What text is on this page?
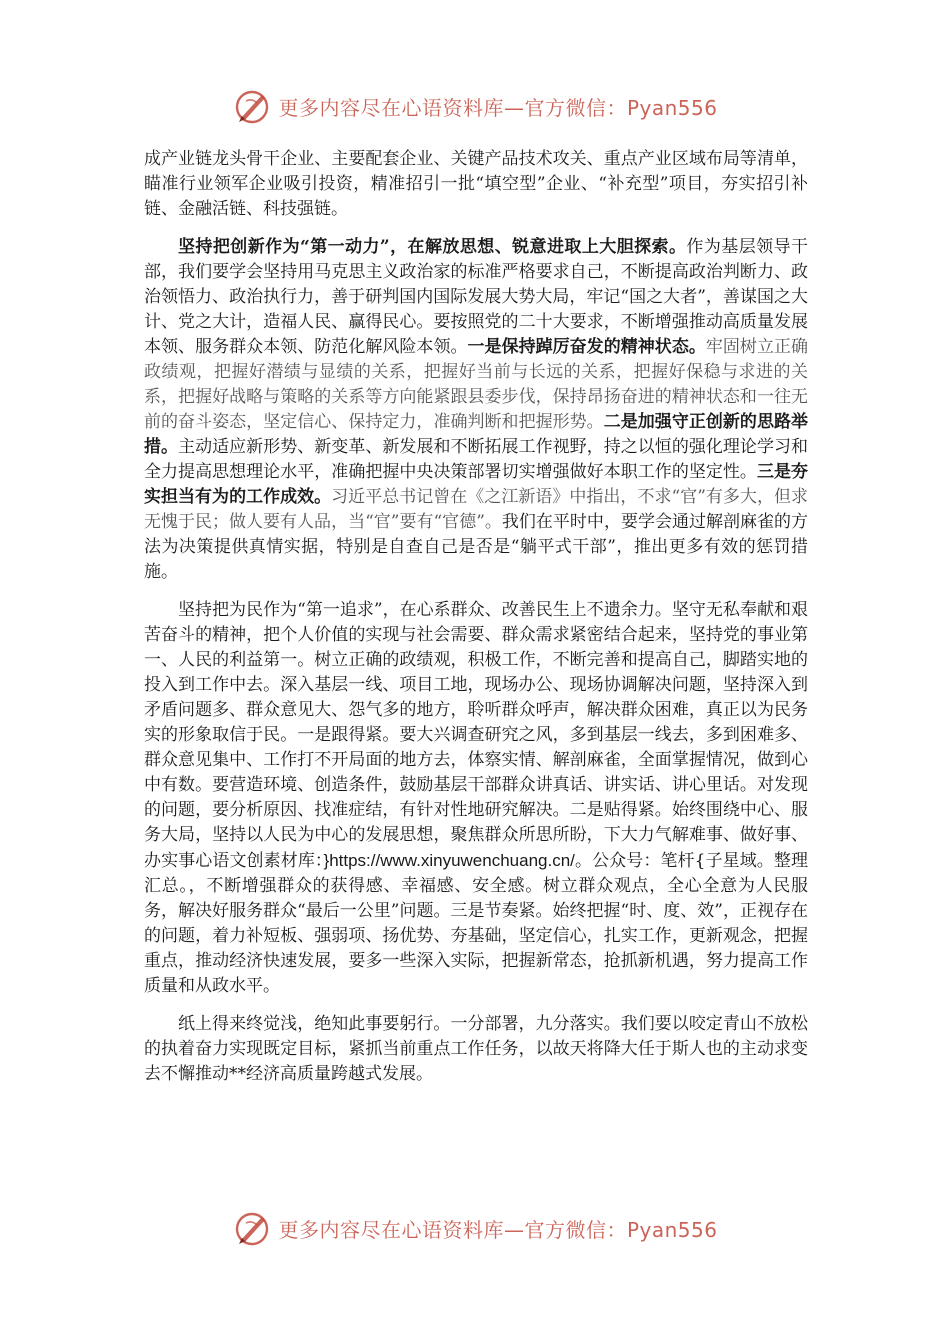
更多内容尽在心语资料库—官方微信：Pyan556

成产业链龙头骨干企业、主要配套企业、关键产品技术攻关、重点产业区域布局等清单，瞄准行业领军企业吸引投资，精准招引一批“填空型”企业、“补充型”项目，夯实招引补链、金融活链、科技强链。

坚持把创新作为“第一动力”，在解放思想、锐意进取上大胆探索。作为基层领导干部，我们要学会坚持用马克思主义政治家的标准严格要求自己，不断提高政治判断力、政治领悟力、政治执行力，善于研判国内国际发展大势大局，牢记“国之大者”，善谋国之大计、党之大计，造福人民、赢得民心。要按照党的二十大要求，不断增强推动高质量发展本领、服务群众本领、防范化解风险本领。一是保持踔厉奋发的精神状态。牢固树立正确政绩观，把握好潜绩与显绩的关系，把握好当前与长远的关系，把握好保稳与求进的关系，把握好战略与策略的关系等方向能紧跟县委步伐，保持昂扬奋进的精神状态和一往无前的奋斗姿态，坚定信心、保持定力，准确判断和把握形势。二是加强守正创新的思路举措。主动适应新形势、新变革、新发展和不断拓展工作视野，持之以恒的强化理论学习和全力提高思想理论水平，准确把握中央决策部署切实增强做好本职工作的坚定性。三是夯实担当有为的工作成效。习近平总书记曾在《之江新语》中指出，不求“官”有多大，但求无愧于民；做人要有人品，当“官”要有“官德”。我们在平时中，要学会通过解剖麻雀的方法为决策提供真情实据，特别是自查自己是否是“躺平式干部”，推出更多有效的惩罚措施。

坚持把为民作为“第一追求”，在心系群众、改善民生上不遗余力。坚守无私奉献和艰苦奋斗的精神，把个人价值的实现与社会需要、群众需求紧密结合起来，坚持党的事业第一、人民的利益第一。树立正确的政绩观，积极工作，不断完善和提高自己，脚踏实地的投入到工作中去。深入基层一线、项目工地，现场办公、现场协调解决问题，坚持深入到矛盾问题多、群众意见大、怨气多的地方，聆听群众呼声，解决群众困难，真正以为民务实的形象取信于民。一是跟得紧。要大兴调查研究之风，多到基层一线去，多到困难多、群众意见集中、工作打不开局面的地方去，体察实情、解剖麻雀，全面掌握情况，做到心中有数。要营造环境、创造条件，鼓励基层干部群众讲真话、讲实话、讲心里话。对发现的问题，要分析原因、找准症结，有针对性地研究解决。二是贴得紧。始终围绕中心、服务大局，坚持以人民为中心的发展思想，聚焦群众所思所盼，下大力气解难事、做好事、办实事心语文创素材库：}https://www.xinyuwenchuang.cn/。公众号：笔杆{子星域。整理汇总。，不断增强群众的获得感、幸福感、安全感。树立群众观点，全心全意为人民服务，解决好服务群众“最后一公里”问题。三是节奏紧。始终把握“时、度、效”，正视存在的问题，着力补短板、强弱项、扬优势、夯基础，坚定信心，扎实工作，更新观念，把握重点，推动经济快速发展，要多一些深入实际，把握新常态，抢抓新机遇，努力提高工作质量和从政水平。

纸上得来终觉浅，绝知此事要躬行。一分部署，九分落实。我们要以咬定青山不放松的执着奋力实现既定目标，紧抓当前重点工作任务，以故天将降大任于斯人也的主动求变去不懈推动**经济高质量跨越式发展。

更多内容尽在心语资料库—官方微信：Pyan556
